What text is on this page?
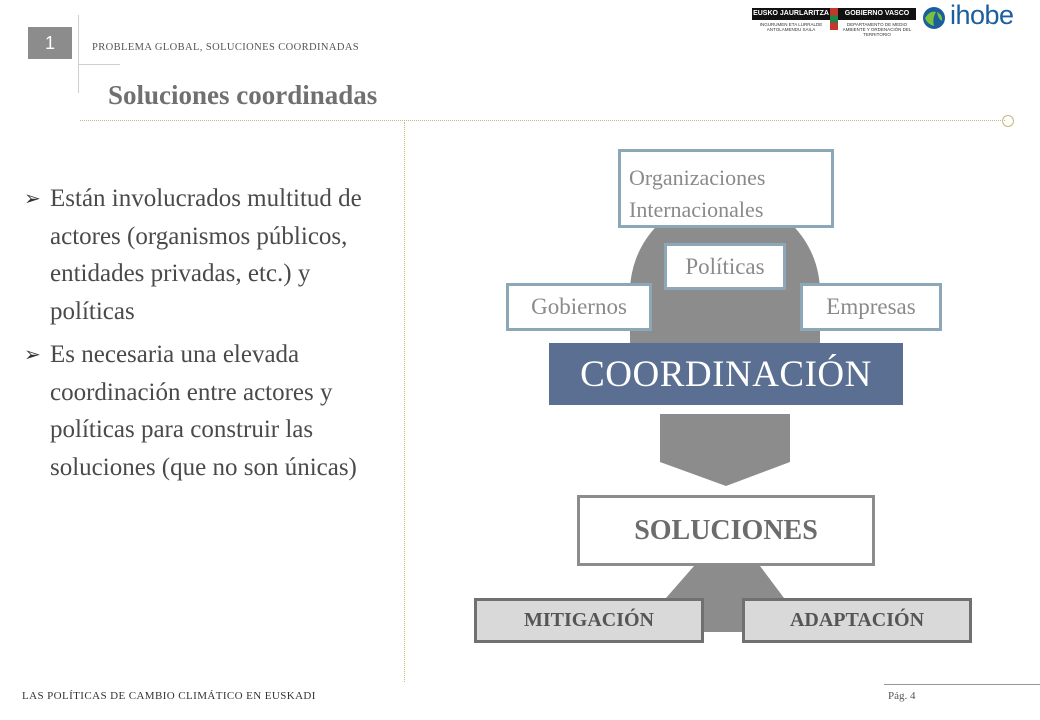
1	PROBLEMA GLOBAL, SOLUCIONES COORDINADAS
Soluciones coordinadas
EUSKO JAURLARITZA	GOBIERNO VASCO
INGURUMEN ETA LURRALDE ANTOLAMENDU SAILA
DEPARTAMENTO DE MEDIO AMBIENTE Y ORDENACIÓN DEL TERRITORIO
ihobe
➢ Están involucrados multitud de actores (organismos públicos, entidades privadas, etc.) y políticas
➢ Es necesaria una elevada coordinación entre actores y políticas para construir las soluciones (que no son únicas)
Organizaciones
Internacionales
Políticas
Gobiernos	Empresas
COORDINACIÓN
SOLUCIONES
MITIGACIÓN	ADAPTACIÓN
LAS POLÍTICAS DE CAMBIO CLIMÁTICO EN EUSKADI	Pág. 4
